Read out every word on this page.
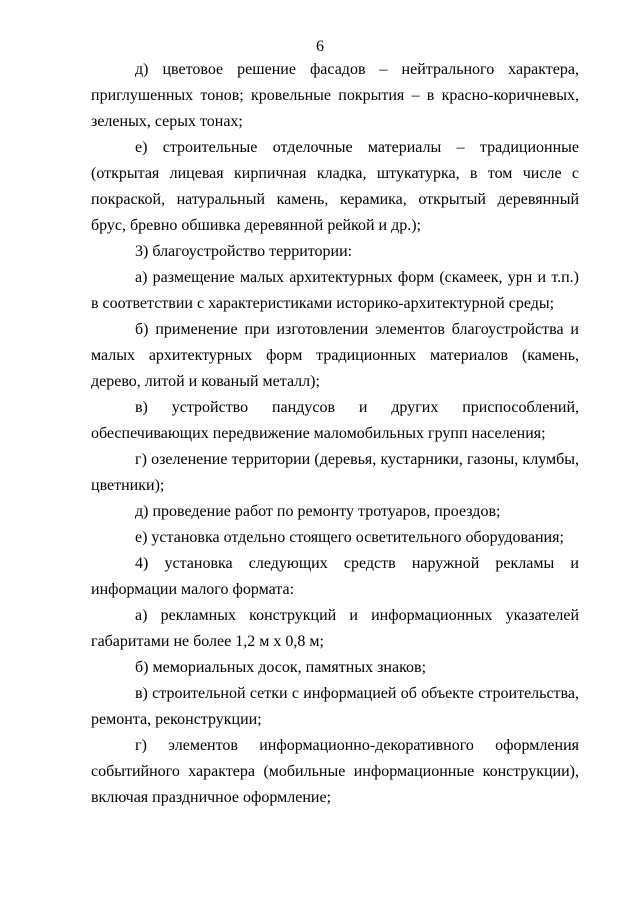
6

д) цветовое решение фасадов – нейтрального характера, приглушенных тонов; кровельные покрытия – в красно-коричневых, зеленых, серых тонах;

е) строительные отделочные материалы – традиционные (открытая лицевая кирпичная кладка, штукатурка, в том числе с покраской, натуральный камень, керамика, открытый деревянный брус, бревно обшивка деревянной рейкой и др.);

3) благоустройство территории:

а) размещение малых архитектурных форм (скамеек, урн и т.п.) в соответствии с характеристиками историко-архитектурной среды;

б) применение при изготовлении элементов благоустройства и малых архитектурных форм традиционных материалов (камень, дерево, литой и кованый металл);

в) устройство пандусов и других приспособлений, обеспечивающих передвижение маломобильных групп населения;

г) озеленение территории (деревья, кустарники, газоны, клумбы, цветники);

д) проведение работ по ремонту тротуаров, проездов;

е) установка отдельно стоящего осветительного оборудования;

4) установка следующих средств наружной рекламы и информации малого формата:

а) рекламных конструкций и информационных указателей габаритами не более 1,2 м х 0,8 м;

б) мемориальных досок, памятных знаков;

в) строительной сетки с информацией об объекте строительства, ремонта, реконструкции;

г) элементов информационно-декоративного оформления событийного характера (мобильные информационные конструкции), включая праздничное оформление;
